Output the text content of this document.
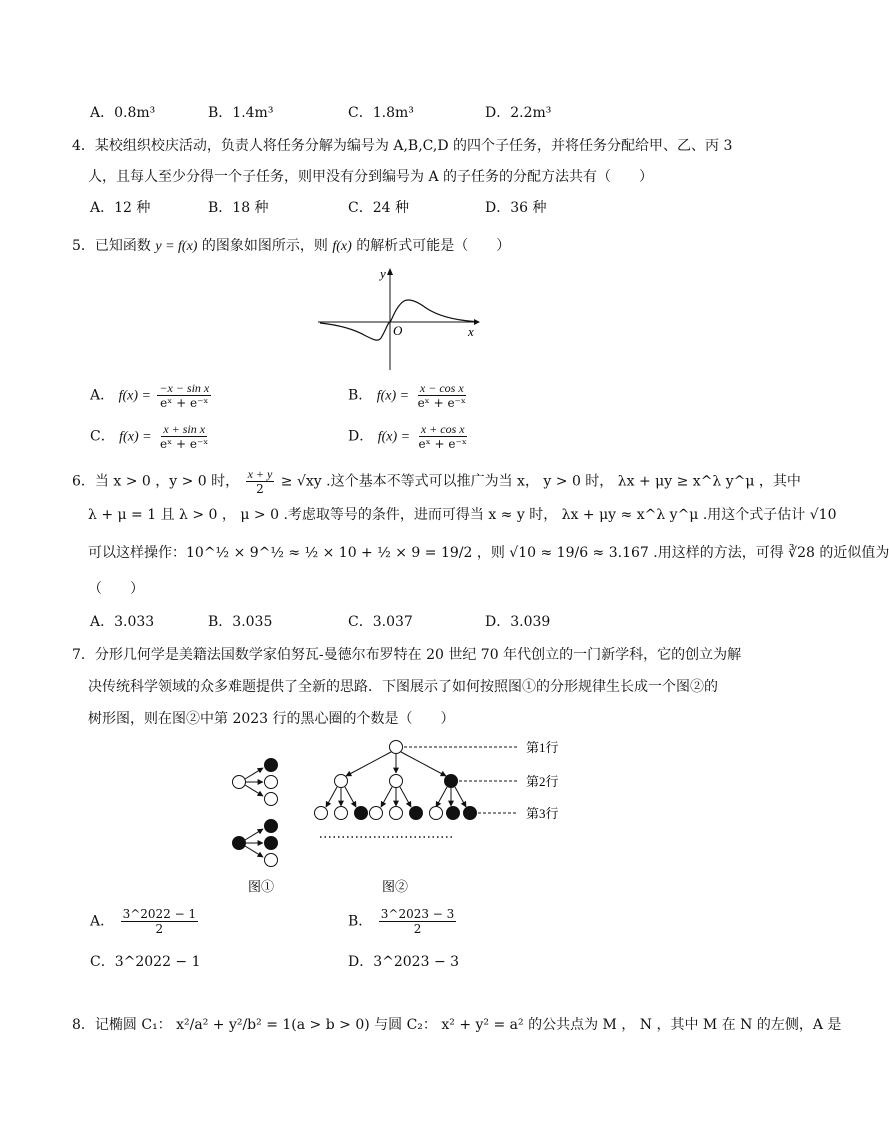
A．0.8m³	B．1.4m³	C．1.8m³	D．2.2m³
4．某校组织校庆活动，负责人将任务分解为编号为 A,B,C,D 的四个子任务，并将任务分配给甲、乙、丙 3
人，且每人至少分得一个子任务，则甲没有分到编号为 A 的子任务的分配方法共有（　　）
A．12 种	B．18 种	C．24 种	D．36 种
5．已知函数 y = f(x) 的图象如图所示，则 f(x) 的解析式可能是（　　）
y
x
O
A． $f(x) = \frac{\text{−x − sin x}}{\text{eˣ + e⁻ˣ}}$	B． $f(x) = \frac{\text{x − cos x}}{\text{eˣ + e⁻ˣ}}$
C． $f(x) = \frac{\text{x + sin x}}{\text{eˣ + e⁻ˣ}}$	D． $f(x) = \frac{\text{x + cos x}}{\text{eˣ + e⁻ˣ}}$
6．当 x > 0 ，y > 0 时， $\frac{x + y}{2} \ge √xy$ .这个基本不等式可以推广为当 x， y > 0 时， λx + μy ≥ x^λ y^μ ，其中
λ + μ = 1 且 λ > 0 ， μ > 0 .考虑取等号的条件，进而可得当 x ≈ y 时， λx + μy ≈ x^λ y^μ .用这个式子估计 √10
可以这样操作：10^½ × 9^½ ≈ ½ × 10 + ½ × 9 = 19/2 ，则 √10 ≈ 19/6 ≈ 3.167 .用这样的方法，可得 ∛28 的近似值为
（　　）
A．3.033	B．3.035	C．3.037	D．3.039
7．分形几何学是美籍法国数学家伯努瓦-曼德尔布罗特在 20 世纪 70 年代创立的一门新学科，它的创立为解
决传统科学领域的众多难题提供了全新的思路．下图展示了如何按照图①的分形规律生长成一个图②的
树形图，则在图②中第 2023 行的黑心圈的个数是（　　）
图①
第1行
第2行
第3行
图②
A． $\frac{3\^{}2022 - 1}{2}$	B． $\frac{3\^{}2023 - 3}{2}$
C．3^2022 − 1	D．3^2023 − 3
8．记椭圆 C₁： x²/a² + y²/b² = 1(a > b > 0) 与圆 C₂： x² + y² = a² 的公共点为 M ， N ，其中 M 在 N 的左侧，A 是
